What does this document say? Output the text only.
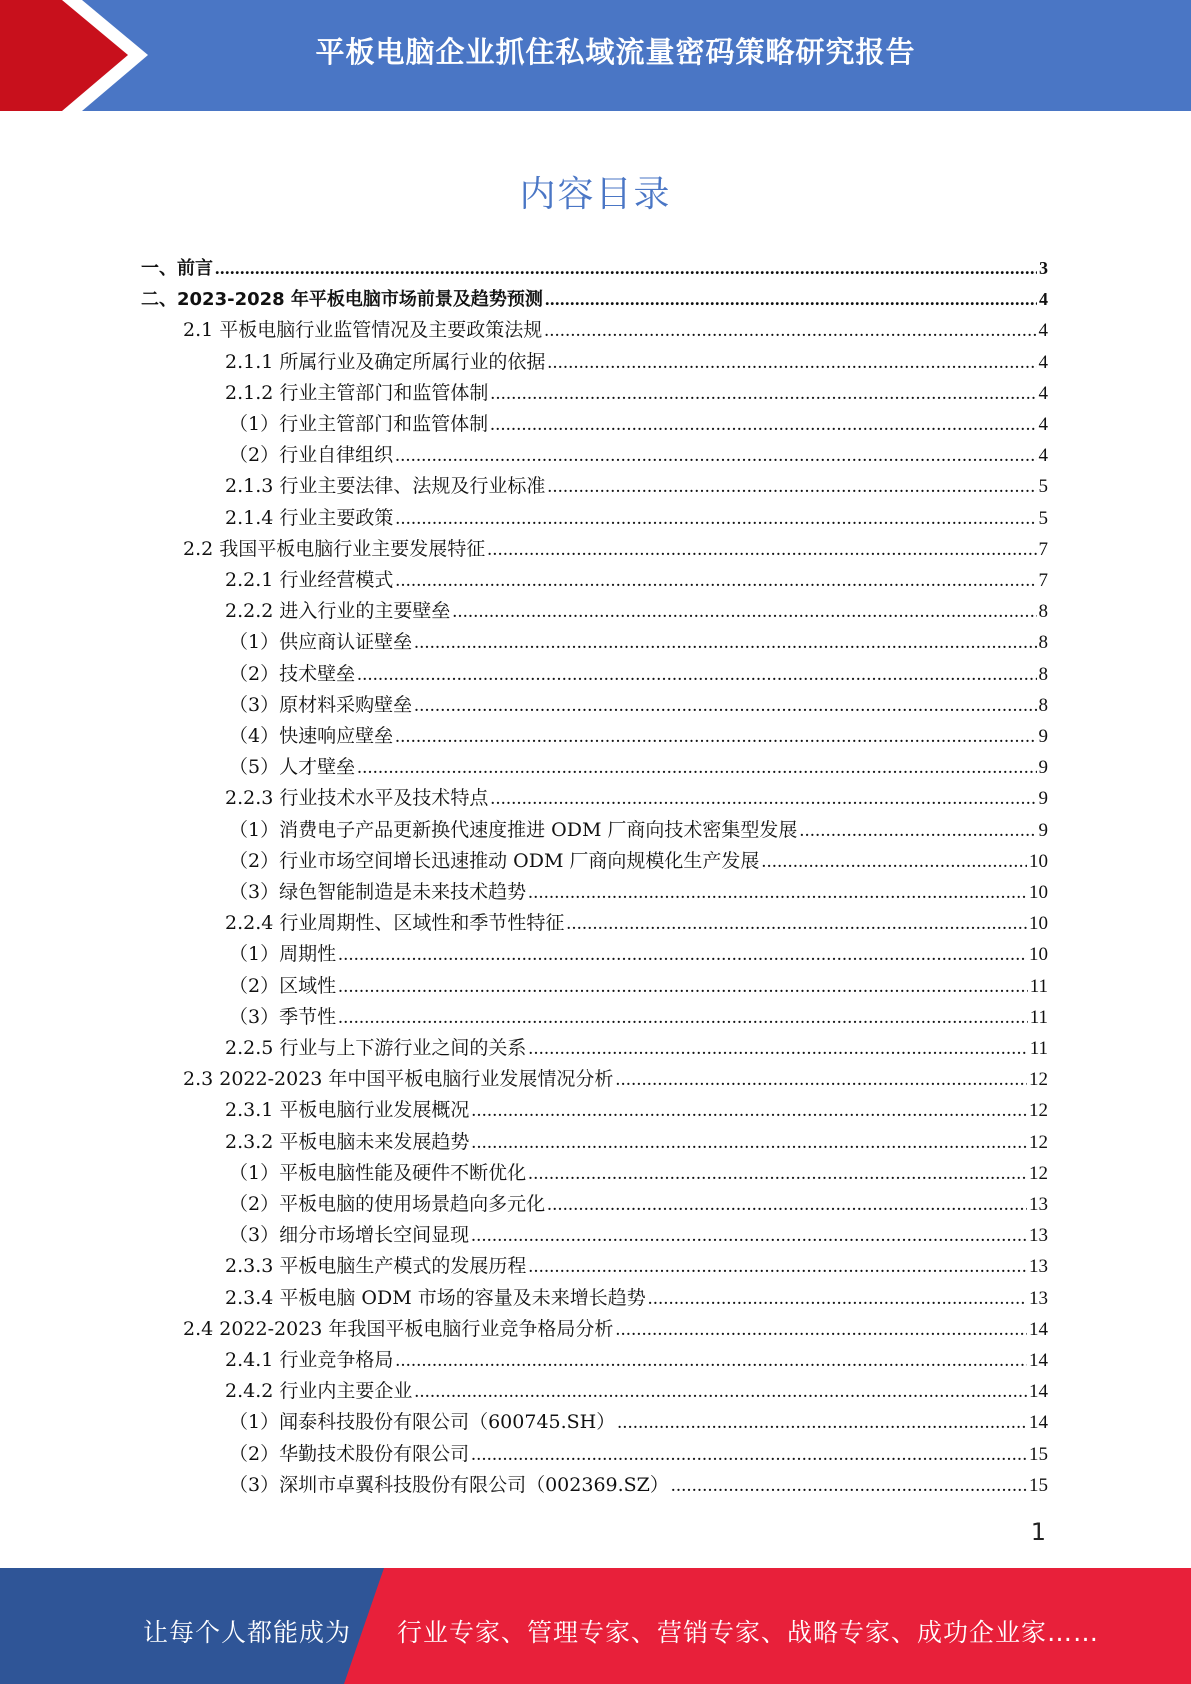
平板电脑企业抓住私域流量密码策略研究报告
内容目录
一、前言 .....	3
二、2023-2028 年平板电脑市场前景及趋势预测 .....	4
2.1 平板电脑行业监管情况及主要政策法规 .....	4
2.1.1 所属行业及确定所属行业的依据 .....	4
2.1.2 行业主管部门和监管体制 .....	4
（1）行业主管部门和监管体制 .....	4
（2）行业自律组织 .....	4
2.1.3 行业主要法律、法规及行业标准 .....	5
2.1.4 行业主要政策 .....	5
2.2 我国平板电脑行业主要发展特征 .....	7
2.2.1 行业经营模式 .....	7
2.2.2 进入行业的主要壁垒 .....	8
（1）供应商认证壁垒 .....	8
（2）技术壁垒 .....	8
（3）原材料采购壁垒 .....	8
（4）快速响应壁垒 .....	9
（5）人才壁垒 .....	9
2.2.3 行业技术水平及技术特点 .....	9
（1）消费电子产品更新换代速度推进 ODM 厂商向技术密集型发展 .....	9
（2）行业市场空间增长迅速推动 ODM 厂商向规模化生产发展 .....	10
（3）绿色智能制造是未来技术趋势 .....	10
2.2.4 行业周期性、区域性和季节性特征 .....	10
（1）周期性 .....	10
（2）区域性 .....	11
（3）季节性 .....	11
2.2.5 行业与上下游行业之间的关系 .....	11
2.3 2022-2023 年中国平板电脑行业发展情况分析 .....	12
2.3.1 平板电脑行业发展概况 .....	12
2.3.2 平板电脑未来发展趋势 .....	12
（1）平板电脑性能及硬件不断优化 .....	12
（2）平板电脑的使用场景趋向多元化 .....	13
（3）细分市场增长空间显现 .....	13
2.3.3 平板电脑生产模式的发展历程 .....	13
2.3.4 平板电脑 ODM 市场的容量及未来增长趋势 .....	13
2.4 2022-2023 年我国平板电脑行业竞争格局分析 .....	14
2.4.1 行业竞争格局 .....	14
2.4.2 行业内主要企业 .....	14
（1）闻泰科技股份有限公司（600745.SH） .....	14
（2）华勤技术股份有限公司 .....	15
（3）深圳市卓翼科技股份有限公司（002369.SZ） .....	15
1
让每个人都能成为 行业专家、管理专家、营销专家、战略专家、成功企业家……
